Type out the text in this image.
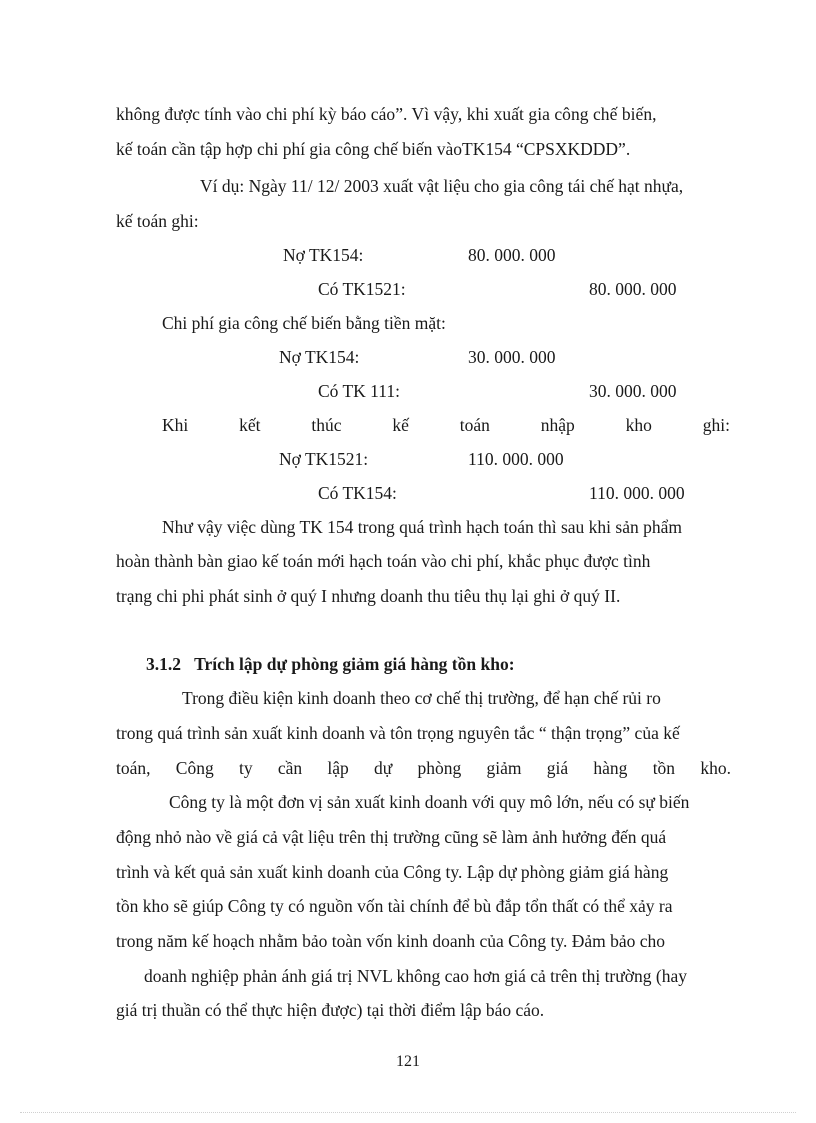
không được tính vào chi phí kỳ báo cáo”. Vì vậy, khi xuất gia công chế biến,
kế toán cần tập hợp chi phí gia công chế biến vàoTK154 “CPSXKDDD”.
Ví dụ: Ngày 11/ 12/ 2003 xuất vật liệu cho gia công tái chế hạt nhựa,
kế toán ghi:
Nợ TK154:	80. 000. 000
Có TK1521:	80. 000. 000
Chi phí gia công chế biến bằng tiền mặt:
Nợ TK154:	30. 000. 000
Có TK 111:	30. 000. 000
Khi	kết	thúc	kế	toán	nhập	kho	ghi:
Nợ TK1521:	110. 000. 000
Có TK154:	110. 000. 000
Như vậy việc dùng TK 154 trong quá trình hạch toán thì sau khi sản phẩm
hoàn thành bàn giao kế toán mới hạch toán vào chi phí, khắc phục được tình
trạng chi phi phát sinh ở quý I nhưng doanh thu tiêu thụ lại ghi ở quý II.
3.1.2 Trích lập dự phòng giảm giá hàng tồn kho:
Trong điều kiện kinh doanh theo cơ chế thị trường, để hạn chế rủi ro
trong quá trình sản xuất kinh doanh và tôn trọng nguyên tắc “ thận trọng” của kế
toán, Công ty cần lập dự phòng giảm giá hàng tồn kho.
Công ty là một đơn vị sản xuất kinh doanh với quy mô lớn, nếu có sự biến
động nhỏ nào về giá cả vật liệu trên thị trường cũng sẽ làm ảnh hưởng đến quá
trình và kết quả sản xuất kinh doanh của Công ty. Lập dự phòng giảm giá hàng
tồn kho sẽ giúp Công ty có nguồn vốn tài chính để bù đắp tổn thất có thể xảy ra
trong năm kế hoạch nhằm bảo toàn vốn kinh doanh của Công ty. Đảm bảo cho
doanh nghiệp phản ánh giá trị NVL không cao hơn giá cả trên thị trường (hay
giá trị thuần có thể thực hiện được) tại thời điểm lập báo cáo.
121
